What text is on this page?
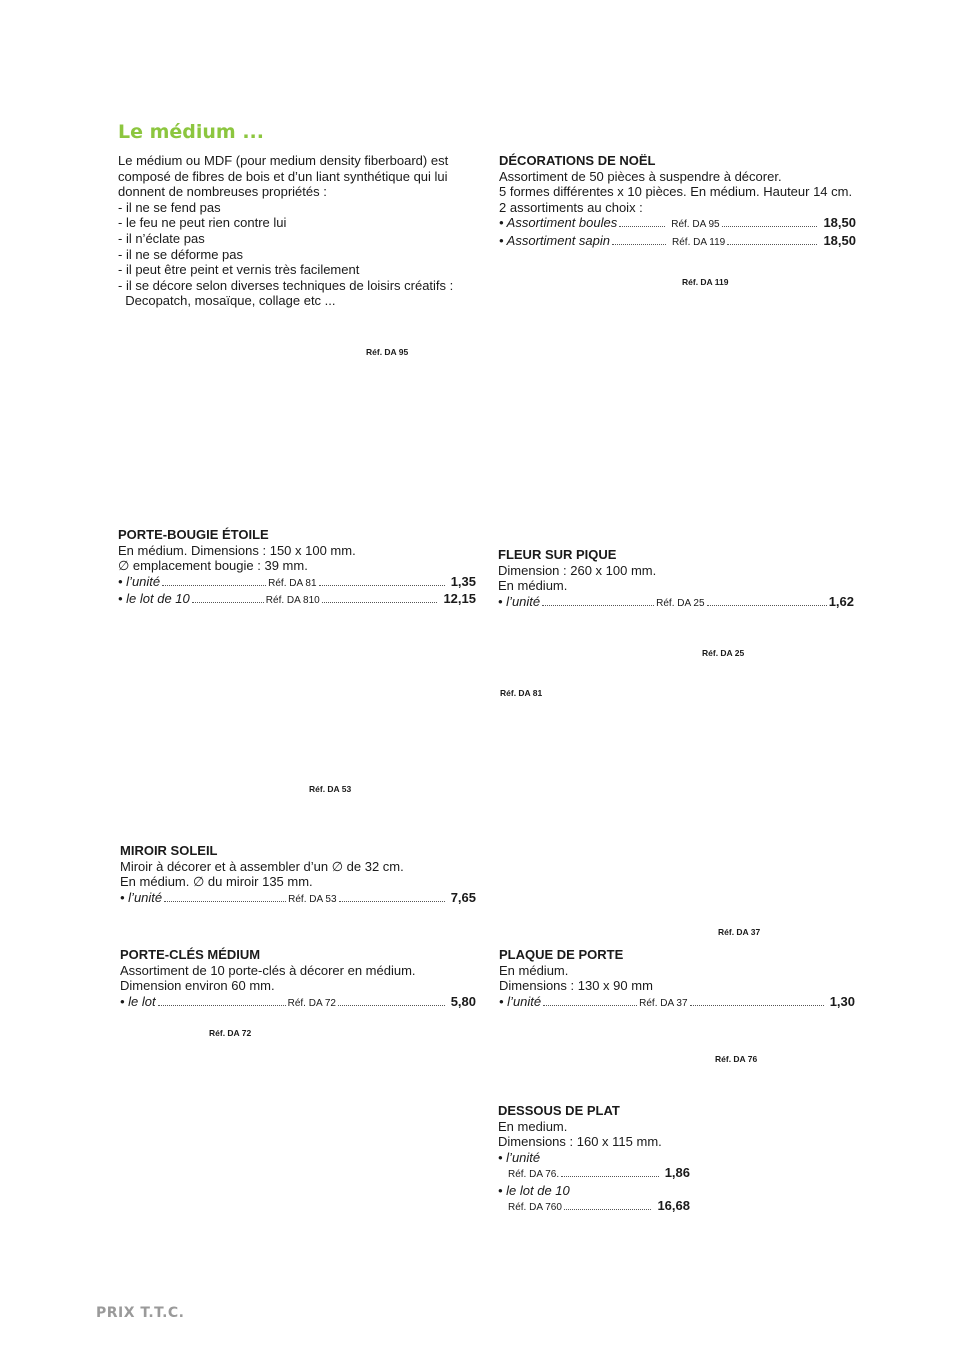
Le médium ...
Le médium ou MDF (pour medium density fiberboard) est
composé de fibres de bois et d’un liant synthétique qui lui
donnent de nombreuses propriétés :
- il ne se fend pas
- le feu ne peut rien contre lui
- il n’éclate pas
- il ne se déforme pas
- il peut être peint et vernis très facilement
- il se décore selon diverses techniques de loisirs créatifs :
Decopatch, mosaïque, collage etc ...
DÉCORATIONS DE NOËL
Assortiment de 50 pièces à suspendre à décorer.
5 formes différentes x 10 pièces. En médium. Hauteur 14 cm.
2 assortiments au choix :
• Assortiment boules	Réf. DA 95	18,50
• Assortiment sapin	Réf. DA 119	18,50
Réf. DA 119
Réf. DA 95
Réf. DA 25
Réf. DA 81
Réf. DA 53
Réf. DA 37
Réf. DA 72
Réf. DA 76
PORTE-BOUGIE ÉTOILE
En médium. Dimensions : 150 x 100 mm.
∅ emplacement bougie : 39 mm.
• l’unité	Réf. DA 81	1,35
• le lot de 10	Réf. DA 810	12,15
FLEUR SUR PIQUE
Dimension : 260 x 100 mm.
En médium.
• l’unité	Réf. DA 25	1,62
MIROIR SOLEIL
Miroir à décorer et à assembler d’un ∅ de 32 cm.
En médium. ∅ du miroir 135 mm.
• l’unité	Réf. DA 53	7,65
PORTE-CLÉS MÉDIUM
Assortiment de 10 porte-clés à décorer en médium.
Dimension environ 60 mm.
• le lot	Réf. DA 72	5,80
PLAQUE DE PORTE
En médium.
Dimensions : 130 x 90 mm
• l’unité	Réf. DA 37	1,30
DESSOUS DE PLAT
En medium.
Dimensions : 160 x 115 mm.
• l’unité
Réf. DA 76.	1,86
• le lot de 10
Réf. DA 760	16,68
PRIX T.T.C.
